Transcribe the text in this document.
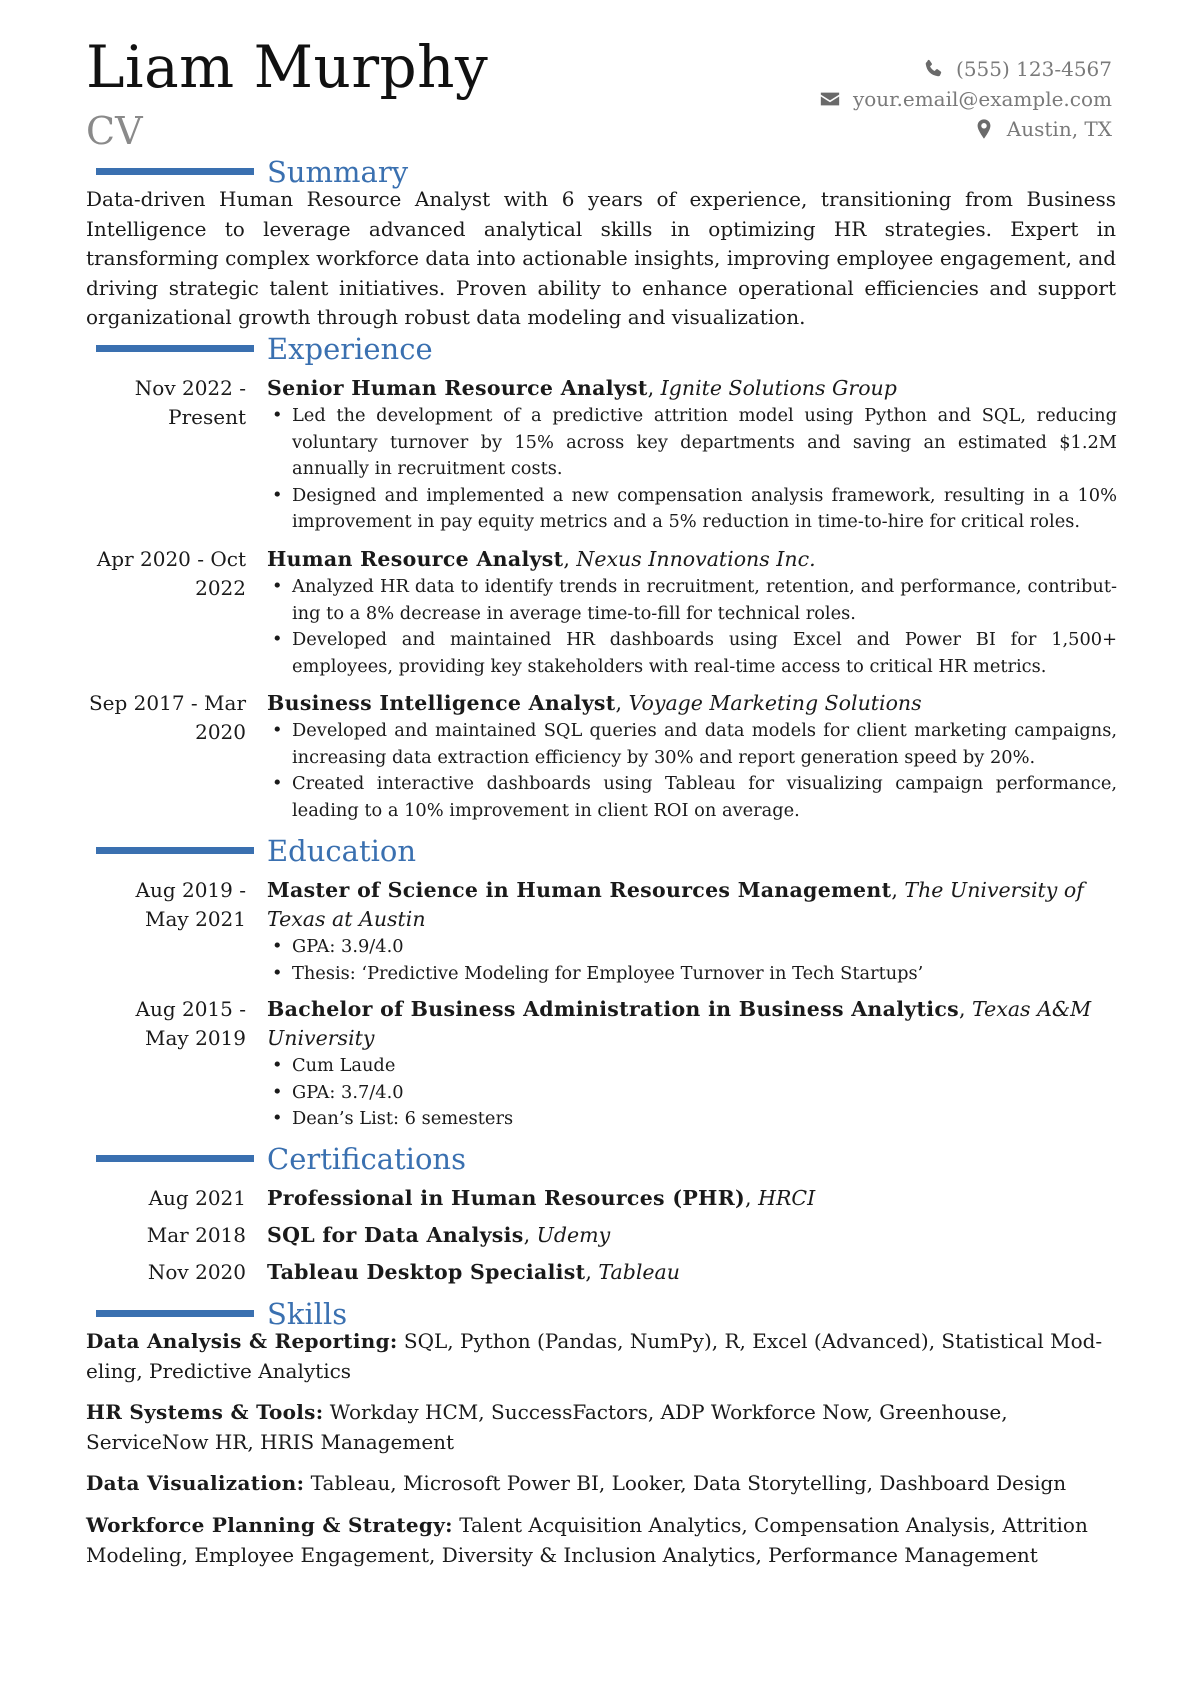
Liam Murphy
CV
(555) 123-4567
your.email@example.com
Austin, TX
Summary
Data-driven Human Resource Analyst with 6 years of experience, transitioning from Business Intelligence to leverage advanced analytical skills in optimizing HR strategies. Expert in transforming complex workforce data into actionable insights, improving employee engagement, and driving strategic talent initiatives. Proven ability to enhance operational efficiencies and support organizational growth through robust data modeling and visualization.
Experience
Nov 2022 -
Present
Senior Human Resource Analyst, Ignite Solutions Group
• Led the development of a predictive attrition model using Python and SQL, reducing voluntary turnover by 15% across key departments and saving an estimated $1.2M annually in recruitment costs.
• Designed and implemented a new compensation analysis framework, resulting in a 10% improvement in pay equity metrics and a 5% reduction in time-to-hire for critical roles.
Apr 2020 - Oct
2022
Human Resource Analyst, Nexus Innovations Inc.
• Analyzed HR data to identify trends in recruitment, retention, and performance, contributing to a 8% decrease in average time-to-fill for technical roles.
• Developed and maintained HR dashboards using Excel and Power BI for 1,500+ employees, providing key stakeholders with real-time access to critical HR metrics.
Sep 2017 - Mar
2020
Business Intelligence Analyst, Voyage Marketing Solutions
• Developed and maintained SQL queries and data models for client marketing campaigns, increasing data extraction efficiency by 30% and report generation speed by 20%.
• Created interactive dashboards using Tableau for visualizing campaign performance, leading to a 10% improvement in client ROI on average.
Education
Aug 2019 -
May 2021
Master of Science in Human Resources Management, The University of Texas at Austin
• GPA: 3.9/4.0
• Thesis: ‘Predictive Modeling for Employee Turnover in Tech Startups’
Aug 2015 -
May 2019
Bachelor of Business Administration in Business Analytics, Texas A&M University
• Cum Laude
• GPA: 3.7/4.0
• Dean’s List: 6 semesters
Certifications
Aug 2021 Professional in Human Resources (PHR), HRCI
Mar 2018 SQL for Data Analysis, Udemy
Nov 2020 Tableau Desktop Specialist, Tableau
Skills
Data Analysis & Reporting: SQL, Python (Pandas, NumPy), R, Excel (Advanced), Statistical Modeling, Predictive Analytics
HR Systems & Tools: Workday HCM, SuccessFactors, ADP Workforce Now, Greenhouse, ServiceNow HR, HRIS Management
Data Visualization: Tableau, Microsoft Power BI, Looker, Data Storytelling, Dashboard Design
Workforce Planning & Strategy: Talent Acquisition Analytics, Compensation Analysis, Attrition Modeling, Employee Engagement, Diversity & Inclusion Analytics, Performance Management
